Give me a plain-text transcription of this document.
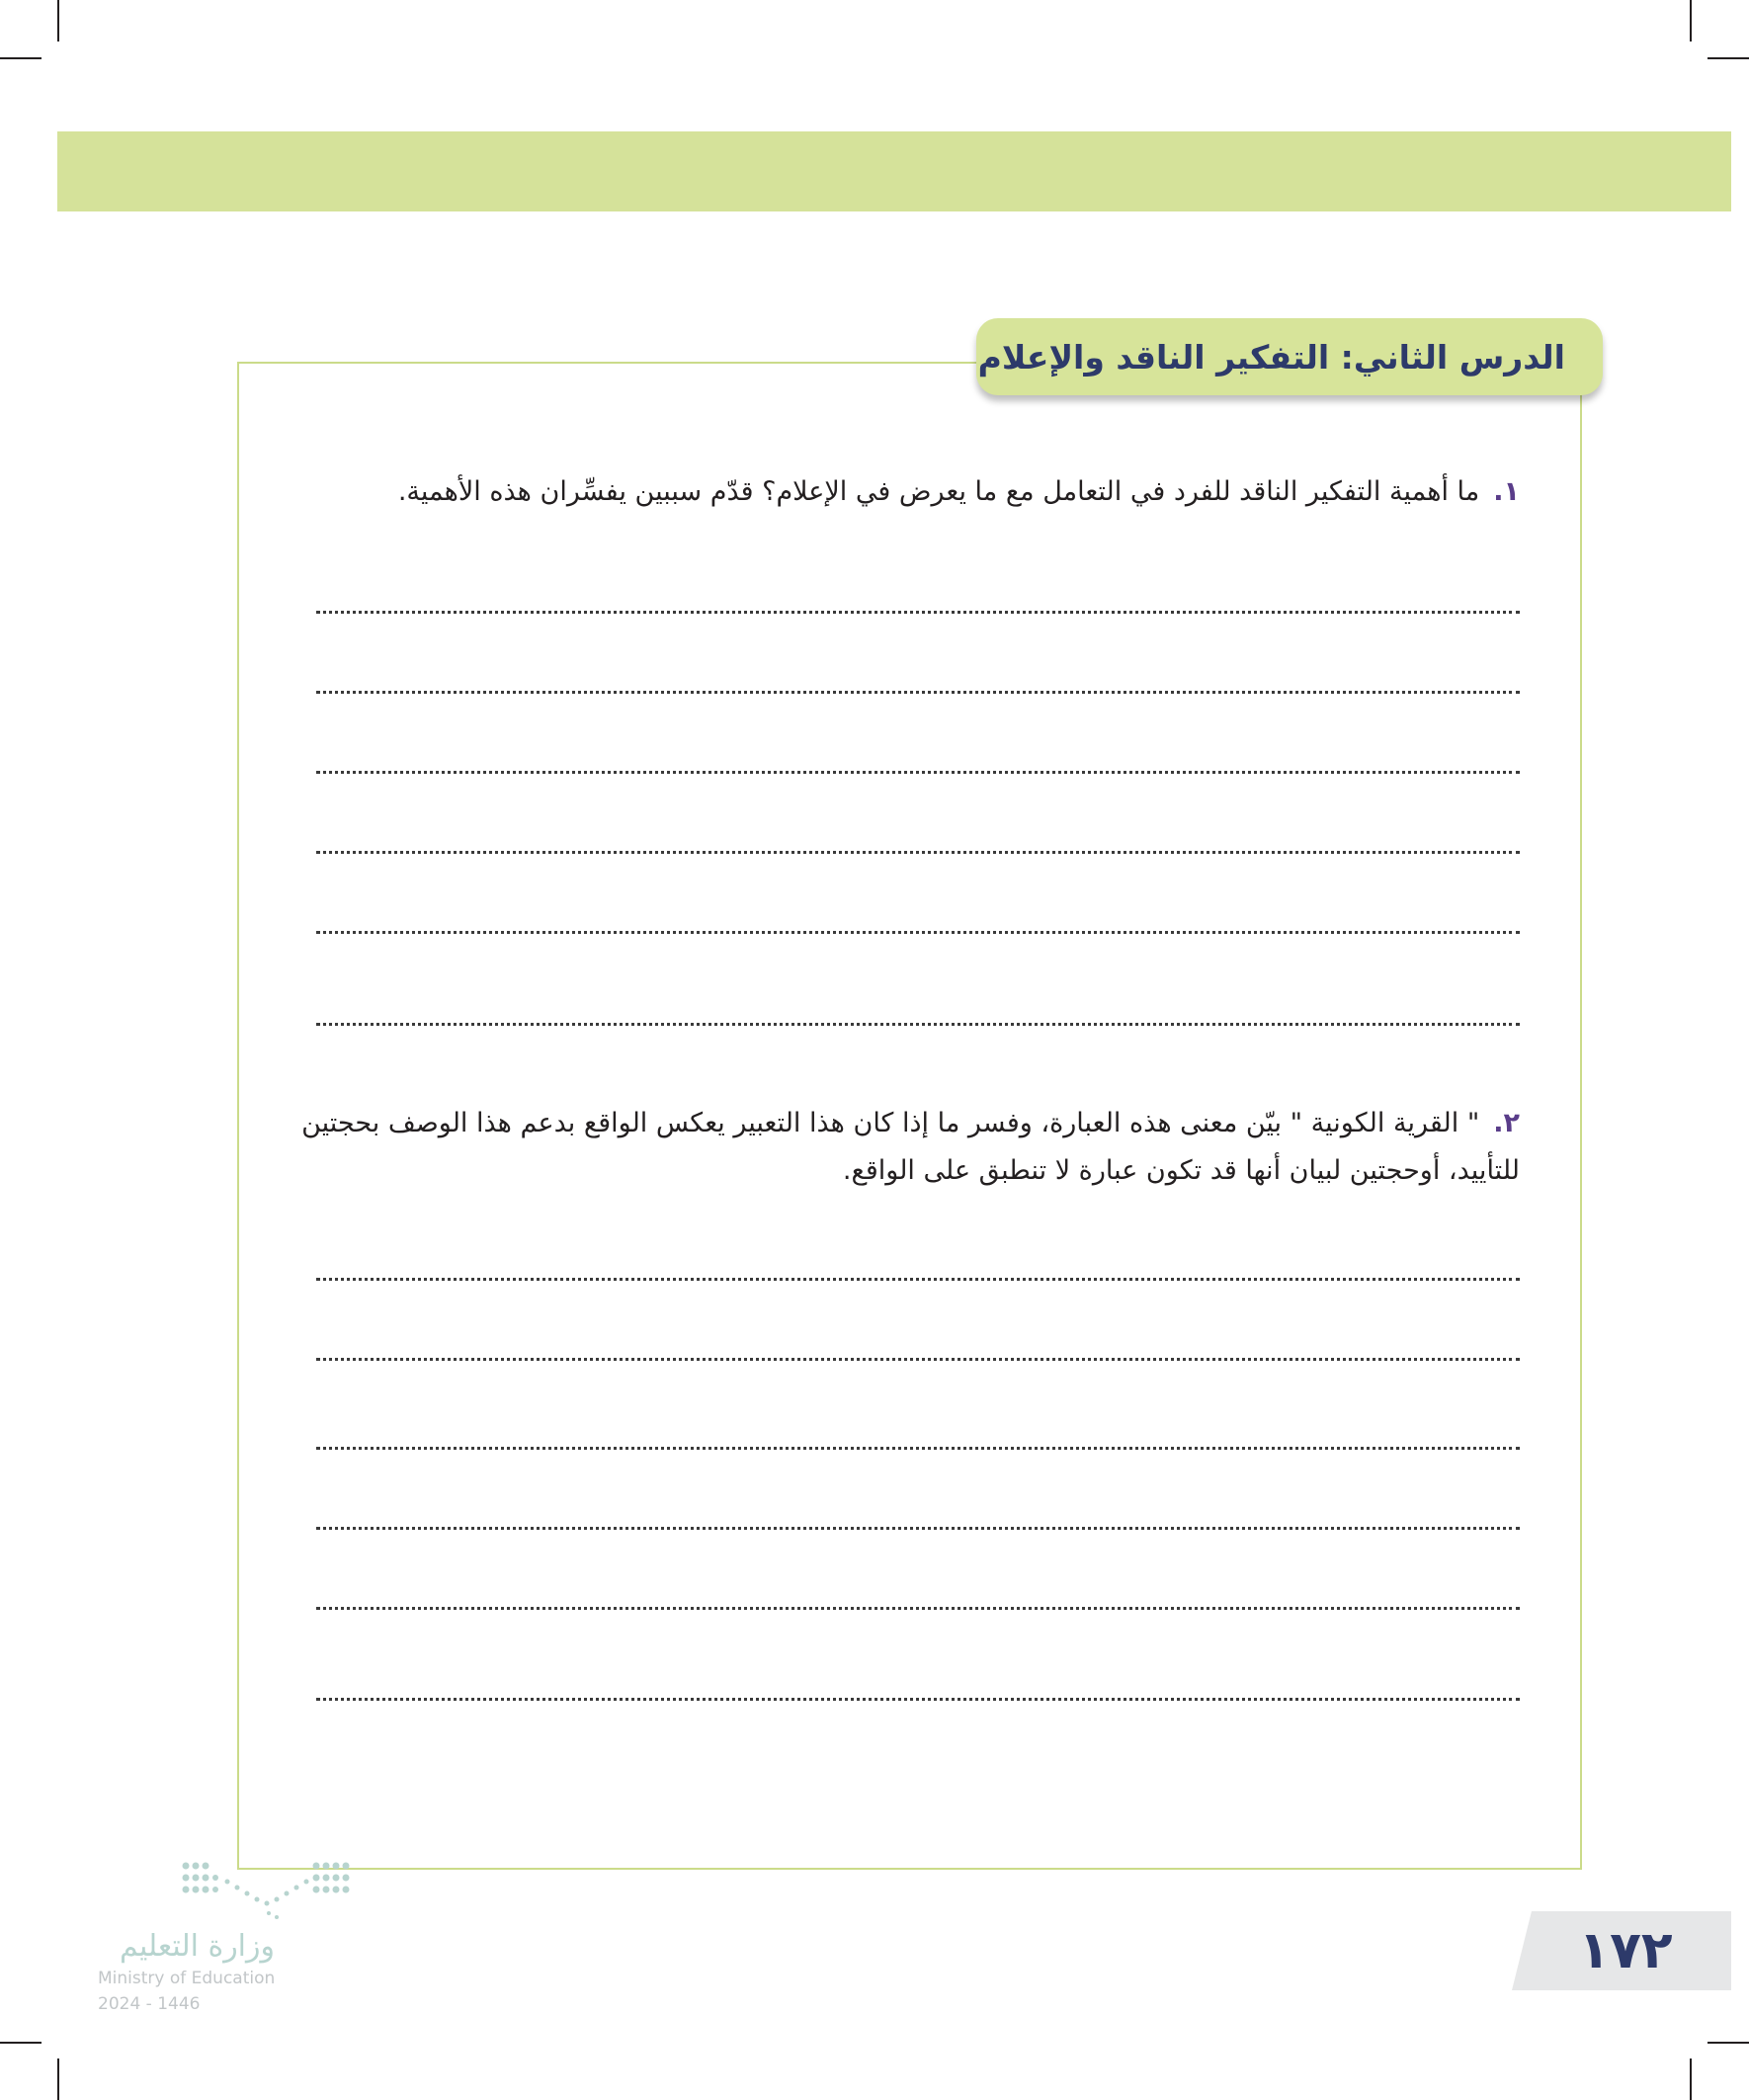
الدرس الثاني: التفكير الناقد والإعلام
١.ما أهمية التفكير الناقد للفرد في التعامل مع ما يعرض في الإعلام؟ قدّم سببين يفسِّران هذه الأهمية.
٢." القرية الكونية " بيّن معنى هذه العبارة، وفسر ما إذا كان هذا التعبير يعكس الواقع بدعم هذا الوصف بحجتين للتأييد، أوحجتين لبيان أنها قد تكون عبارة لا تنطبق على الواقع.
١٧٢
وزارة التعليم
Ministry of Education
2024 - 1446
